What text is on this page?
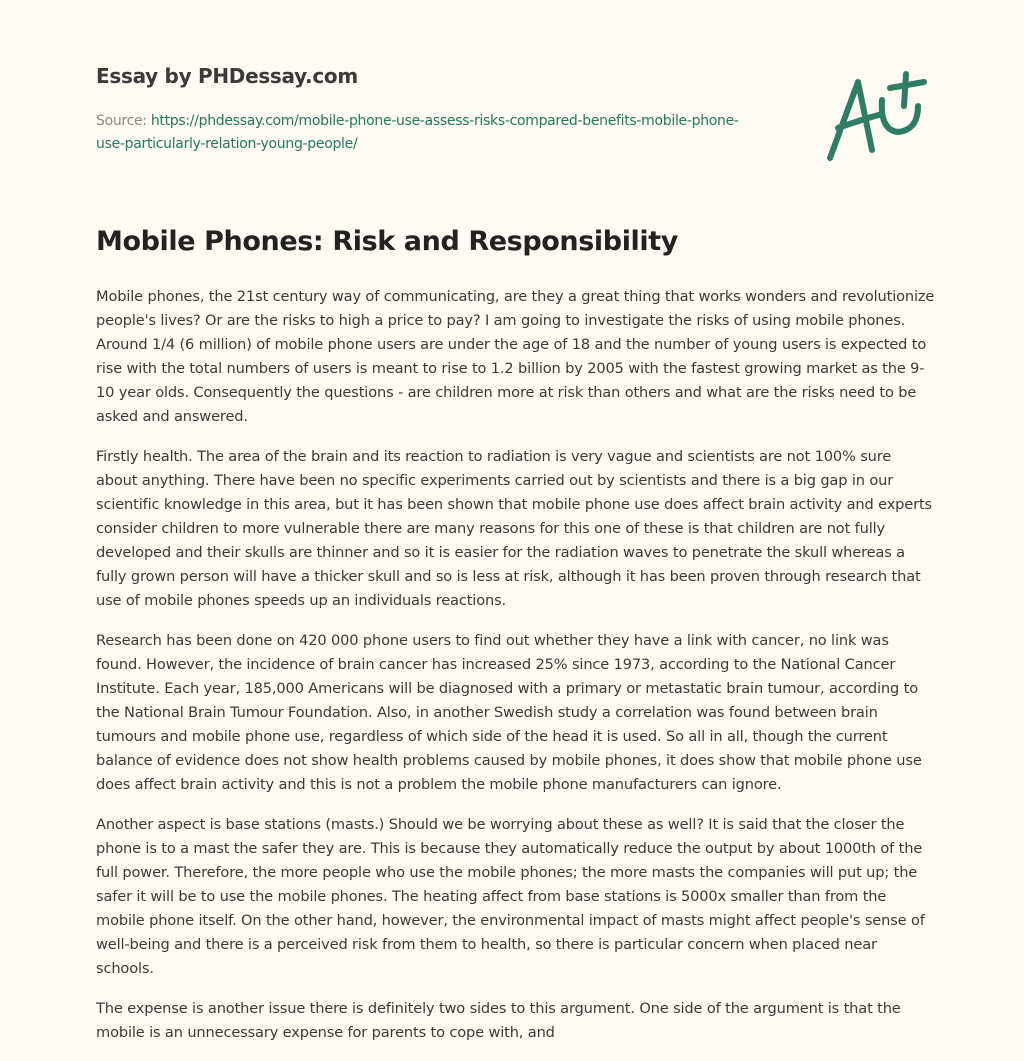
Essay by PHDessay.com
Source: https://phdessay.com/mobile-phone-use-assess-risks-compared-benefits-mobile-phone-use-particularly-relation-young-people/
Mobile Phones: Risk and Responsibility

Mobile phones, the 21st century way of communicating, are they a great thing that works wonders and revolutionize people's lives? Or are the risks to high a price to pay? I am going to investigate the risks of using mobile phones. Around 1/4 (6 million) of mobile phone users are under the age of 18 and the number of young users is expected to rise with the total numbers of users is meant to rise to 1.2 billion by 2005 with the fastest growing market as the 9-10 year olds. Consequently the questions - are children more at risk than others and what are the risks need to be asked and answered.

Firstly health. The area of the brain and its reaction to radiation is very vague and scientists are not 100% sure about anything. There have been no specific experiments carried out by scientists and there is a big gap in our scientific knowledge in this area, but it has been shown that mobile phone use does affect brain activity and experts consider children to more vulnerable there are many reasons for this one of these is that children are not fully developed and their skulls are thinner and so it is easier for the radiation waves to penetrate the skull whereas a fully grown person will have a thicker skull and so is less at risk, although it has been proven through research that use of mobile phones speeds up an individuals reactions.

Research has been done on 420 000 phone users to find out whether they have a link with cancer, no link was found. However, the incidence of brain cancer has increased 25% since 1973, according to the National Cancer Institute. Each year, 185,000 Americans will be diagnosed with a primary or metastatic brain tumour, according to the National Brain Tumour Foundation. Also, in another Swedish study a correlation was found between brain tumours and mobile phone use, regardless of which side of the head it is used. So all in all, though the current balance of evidence does not show health problems caused by mobile phones, it does show that mobile phone use does affect brain activity and this is not a problem the mobile phone manufacturers can ignore.

Another aspect is base stations (masts.) Should we be worrying about these as well? It is said that the closer the phone is to a mast the safer they are. This is because they automatically reduce the output by about 1000th of the full power. Therefore, the more people who use the mobile phones; the more masts the companies will put up; the safer it will be to use the mobile phones. The heating affect from base stations is 5000x smaller than from the mobile phone itself. On the other hand, however, the environmental impact of masts might affect people's sense of well-being and there is a perceived risk from them to health, so there is particular concern when placed near schools.

The expense is another issue there is definitely two sides to this argument. One side of the argument is that the mobile is an unnecessary expense for parents to cope with, and
